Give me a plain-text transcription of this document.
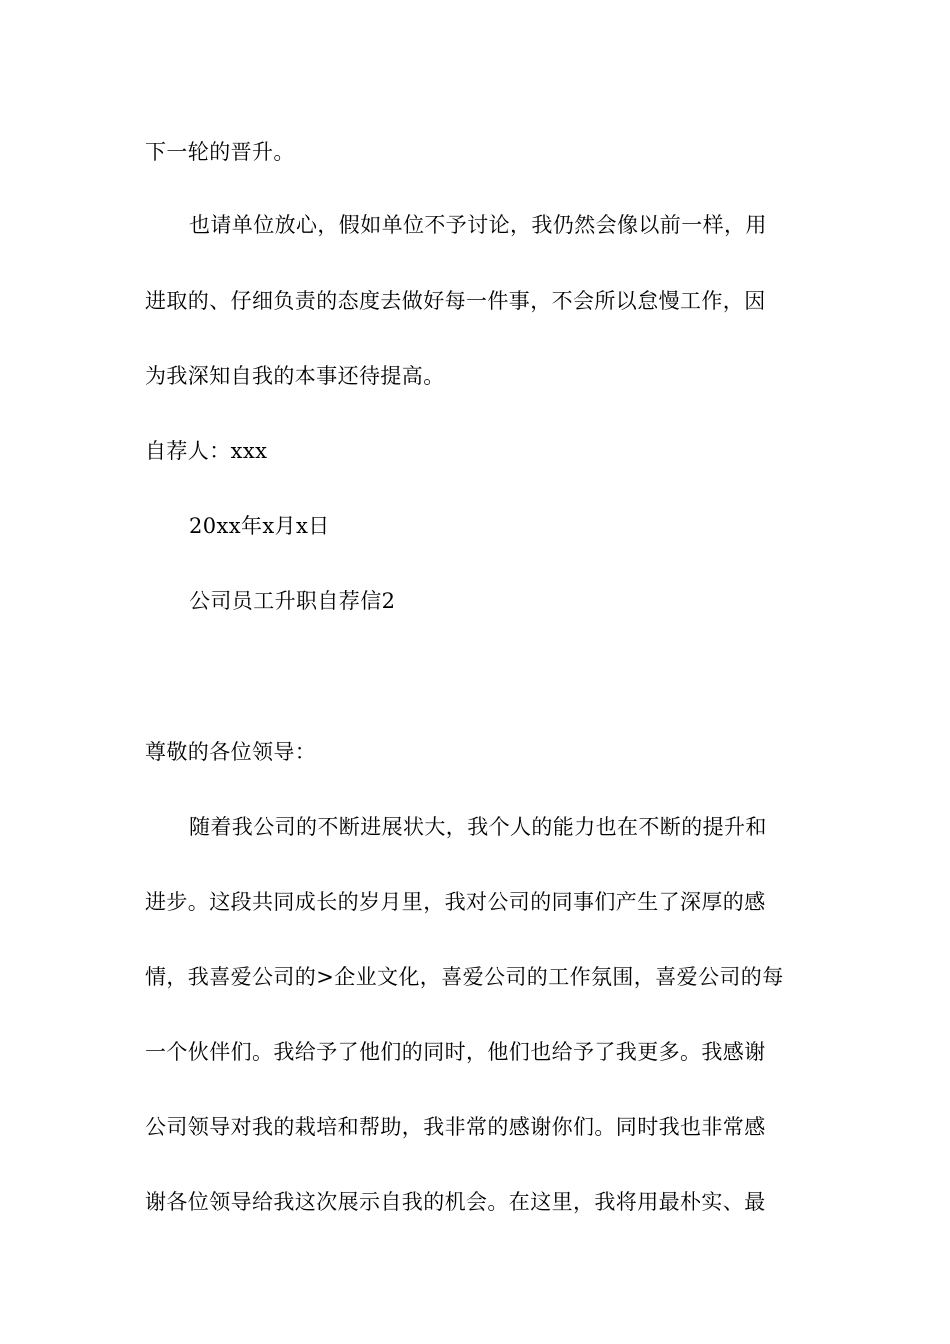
下一轮的晋升。
也请单位放心，假如单位不予讨论，我仍然会像以前一样，用
进取的、仔细负责的态度去做好每一件事，不会所以怠慢工作，因
为我深知自我的本事还待提高。
自荐人：xxx
20xx年x月x日
公司员工升职自荐信2
尊敬的各位领导：
随着我公司的不断进展状大，我个人的能力也在不断的提升和
进步。这段共同成长的岁月里，我对公司的同事们产生了深厚的感
情，我喜爱公司的>企业文化，喜爱公司的工作氛围，喜爱公司的每
一个伙伴们。我给予了他们的同时，他们也给予了我更多。我感谢
公司领导对我的栽培和帮助，我非常的感谢你们。同时我也非常感
谢各位领导给我这次展示自我的机会。在这里，我将用最朴实、最
